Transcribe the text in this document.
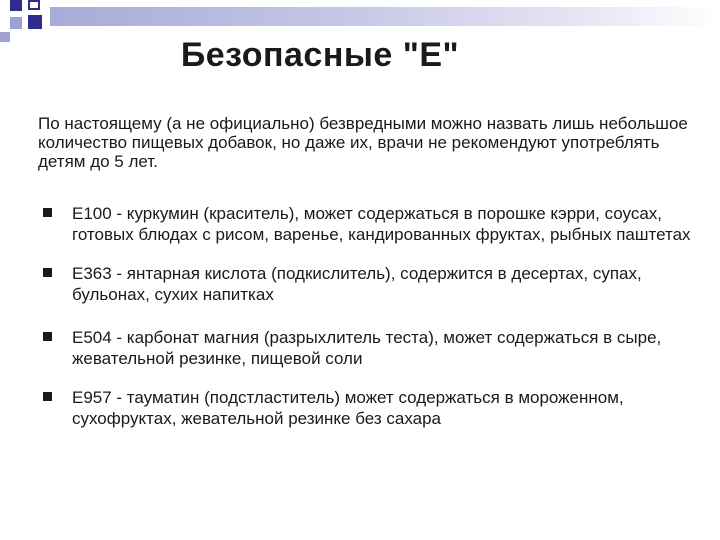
Безопасные "Е"
По настоящему (а не официально) безвредными можно назвать лишь небольшое количество пищевых добавок, но даже их, врачи не рекомендуют употреблять детям до 5 лет.
Е100 - куркумин (краситель), может содержаться в порошке кэрри, соусах, готовых блюдах с рисом, варенье, кандированных фруктах, рыбных паштетах
Е363 - янтарная кислота (подкислитель), содержится в десертах, супах, бульонах, сухих напитках
Е504 - карбонат магния (разрыхлитель теста), может содержаться в сыре, жевательной резинке, пищевой соли
Е957 - тауматин (подстластитель) может содержаться в мороженном, сухофруктах, жевательной резинке без сахара
